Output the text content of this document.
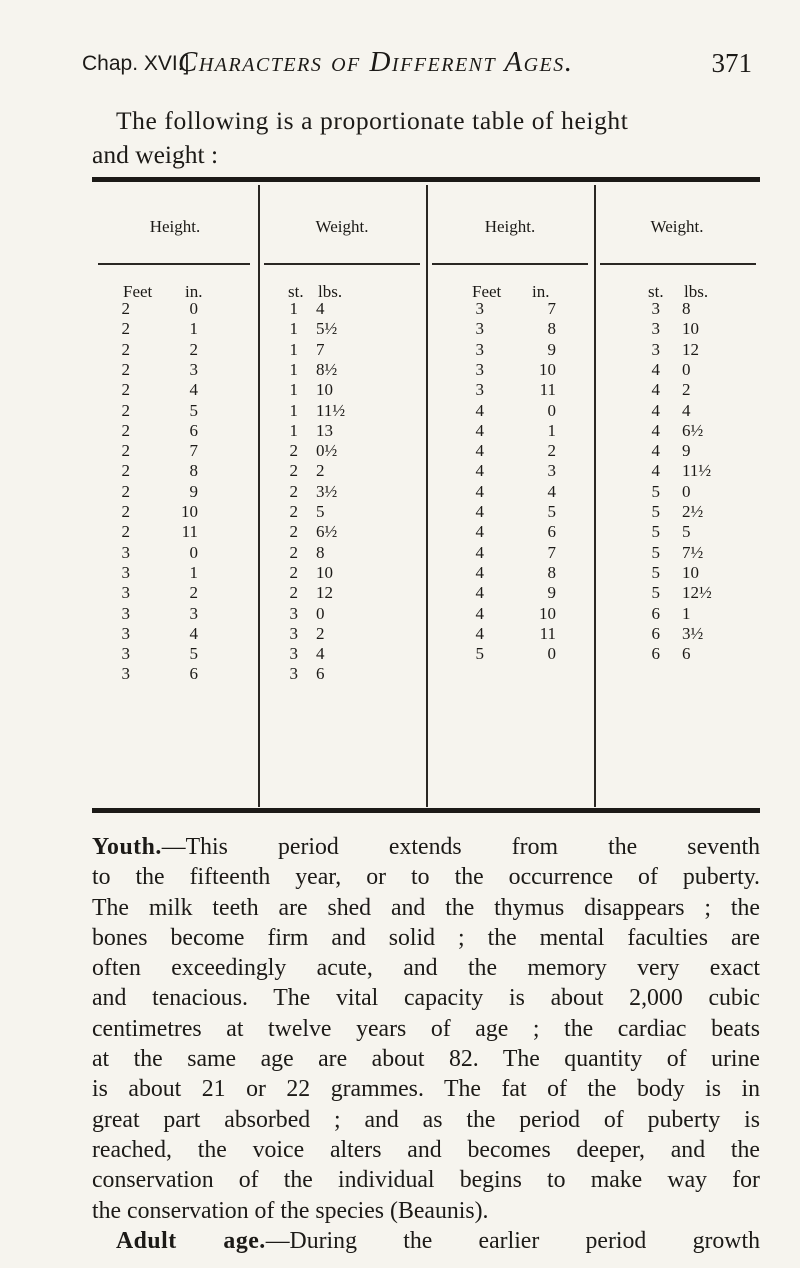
Chap. XVI.]
Characters of Different Ages.	371
The following is a proportionate table of height
and weight :
Height.	Weight.	Height.	Weight.
Feet in.	st. lbs.	Feet in.	st. lbs.
2	0	1 4
2	1	1 5½
2	2	1 7
2	3	1 8½
2	4	1 10
2	5	1 11½
2	6	1 13
2	7	2 0½
2	8	2 2
2	9	2 3½
2	10	2 5
2	11	2 6½
3	0	2 8
3	1	2 10
3	2	2 12
3	3	3 0
3	4	3 2
3	5	3 4
3	6	3 6
3	7	3 8
3	8	3 10
3	9	3 12
3	10	4 0
3	11	4 2
4	0	4 4
4	1	4 6½
4	2	4 9
4	3	4 11½
4	4	5 0
4	5	5 2½
4	6	5 5
4	7	5 7½
4	8	5 10
4	9	5 12½
4	10	6 1
4	11	6 3½
5	0	6 6
Youth.—This period extends from the seventh
to the fifteenth year, or to the occurrence of puberty.
The milk teeth are shed and the thymus disappears ; the
bones become firm and solid ; the mental faculties are
often exceedingly acute, and the memory very exact
and tenacious. The vital capacity is about 2,000 cubic
centimetres at twelve years of age ; the cardiac beats
at the same age are about 82. The quantity of urine
is about 21 or 22 grammes. The fat of the body is in
great part absorbed ; and as the period of puberty is
reached, the voice alters and becomes deeper, and the
conservation of the individual begins to make way for
the conservation of the species (Beaunis).
Adult age.—During the earlier period growth
